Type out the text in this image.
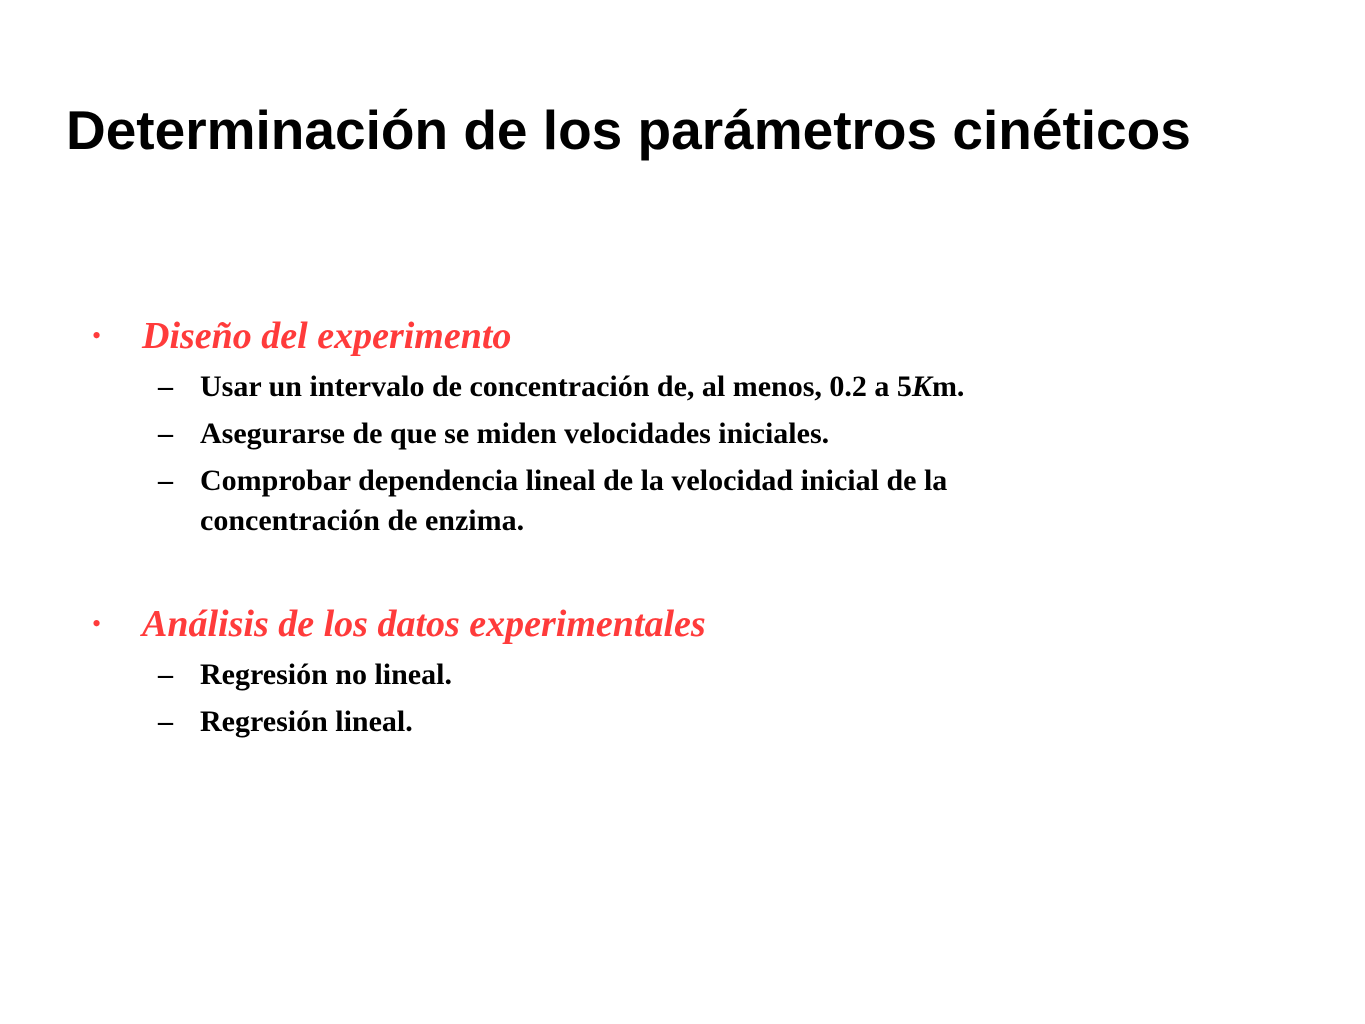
Determinación de los parámetros cinéticos
• Diseño del experimento
– Usar un intervalo de concentración de, al menos, 0.2 a 5Km.
– Asegurarse de que se miden velocidades iniciales.
– Comprobar dependencia lineal de la velocidad inicial de la concentración de enzima.
• Análisis de los datos experimentales
– Regresión no lineal.
– Regresión lineal.
